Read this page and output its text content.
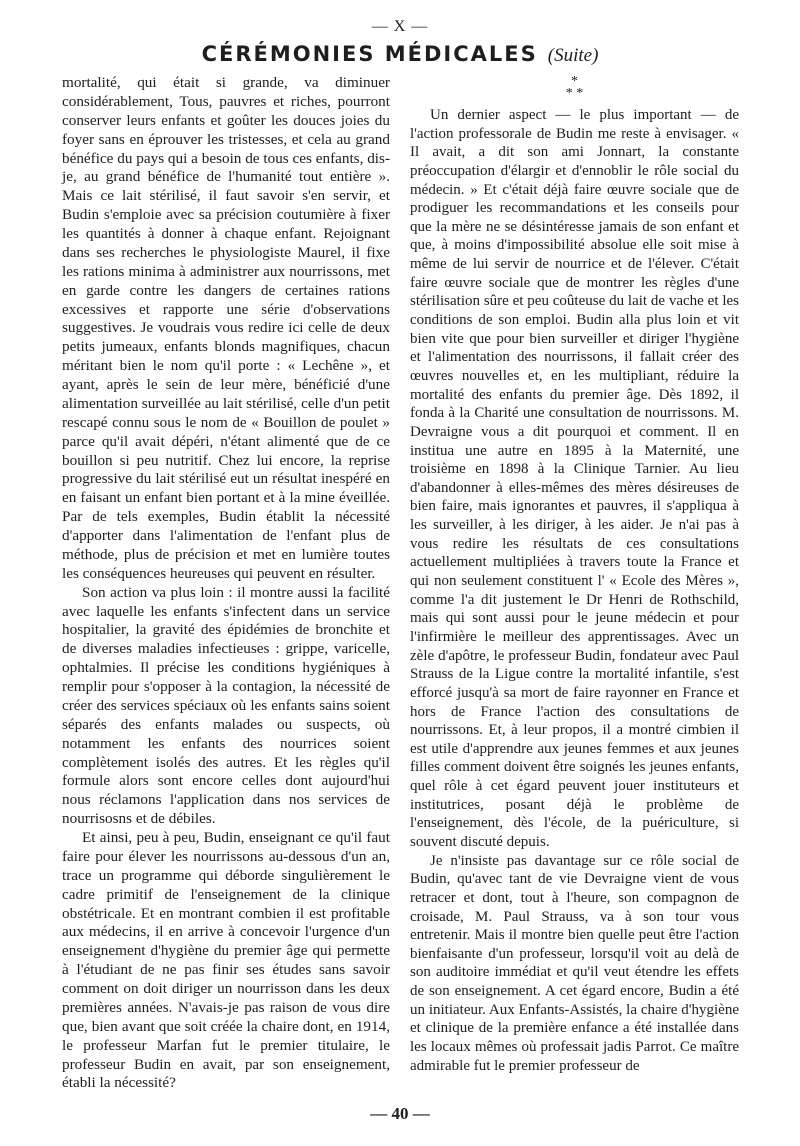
— X —
CÉRÉMONIES MÉDICALES (Suite)

mortalité, qui était si grande, va diminuer considérablement, Tous, pauvres et riches, pourront conserver leurs enfants et goûter les douces joies du foyer sans en éprouver les tristesses, et cela au grand bénéfice du pays qui a besoin de tous ces enfants, dis-je, au grand bénéfice de l'humanité tout entière ». Mais ce lait stérilisé, il faut savoir s'en servir, et Budin s'emploie avec sa précision coutumière à fixer les quantités à donner à chaque enfant. Rejoignant dans ses recherches le physiologiste Maurel, il fixe les rations minima à administrer aux nourrissons, met en garde contre les dangers de certaines rations excessives et rapporte une série d'observations suggestives. Je voudrais vous redire ici celle de deux petits jumeaux, enfants blonds magnifiques, chacun méritant bien le nom qu'il porte : « Lechêne », et ayant, après le sein de leur mère, bénéficié d'une alimentation surveillée au lait stérilisé, celle d'un petit rescapé connu sous le nom de « Bouillon de poulet » parce qu'il avait dépéri, n'étant alimenté que de ce bouillon si peu nutritif. Chez lui encore, la reprise progressive du lait stérilisé eut un résultat inespéré en en faisant un enfant bien portant et à la mine éveillée. Par de tels exemples, Budin établit la nécessité d'apporter dans l'alimentation de l'enfant plus de méthode, plus de précision et met en lumière toutes les conséquences heureuses qui peuvent en résulter.

Son action va plus loin : il montre aussi la facilité avec laquelle les enfants s'infectent dans un service hospitalier, la gravité des épidémies de bronchite et de diverses maladies infectieuses : grippe, varicelle, ophtalmies. Il précise les conditions hygiéniques à remplir pour s'opposer à la contagion, la nécessité de créer des services spéciaux où les enfants sains soient séparés des enfants malades ou suspects, où notamment les enfants des nourrices soient complètement isolés des autres. Et les règles qu'il formule alors sont encore celles dont aujourd'hui nous réclamons l'application dans nos services de nourrisosns et de débiles.

Et ainsi, peu à peu, Budin, enseignant ce qu'il faut faire pour élever les nourrissons au-dessous d'un an, trace un programme qui déborde singulièrement le cadre primitif de l'enseignement de la clinique obstétricale. Et en montrant combien il est profitable aux médecins, il en arrive à concevoir l'urgence d'un enseignement d'hygiène du premier âge qui permette à l'étudiant de ne pas finir ses études sans savoir comment on doit diriger un nourrisson dans les deux premières années. N'avais-je pas raison de vous dire que, bien avant que soit créée la chaire dont, en 1914, le professeur Marfan fut le premier titulaire, le professeur Budin en avait, par son enseignement, établi la nécessité?

*
* *

Un dernier aspect — le plus important — de l'action professorale de Budin me reste à envisager. « Il avait, a dit son ami Jonnart, la constante préoccupation d'élargir et d'ennoblir le rôle social du médecin. » Et c'était déjà faire œuvre sociale que de prodiguer les recommandations et les conseils pour que la mère ne se désintéresse jamais de son enfant et que, à moins d'impossibilité absolue elle soit mise à même de lui servir de nourrice et de l'élever. C'était faire œuvre sociale que de montrer les règles d'une stérilisation sûre et peu coûteuse du lait de vache et les conditions de son emploi. Budin alla plus loin et vit bien vite que pour bien surveiller et diriger l'hygiène et l'alimentation des nourrissons, il fallait créer des œuvres nouvelles et, en les multipliant, réduire la mortalité des enfants du premier âge. Dès 1892, il fonda à la Charité une consultation de nourrissons. M. Devraigne vous a dit pourquoi et comment. Il en institua une autre en 1895 à la Maternité, une troisième en 1898 à la Clinique Tarnier. Au lieu d'abandonner à elles-mêmes des mères désireuses de bien faire, mais ignorantes et pauvres, il s'appliqua à les surveiller, à les diriger, à les aider. Je n'ai pas à vous redire les résultats de ces consultations actuellement multipliées à travers toute la France et qui non seulement constituent l' « Ecole des Mères », comme l'a dit justement le Dr Henri de Rothschild, mais qui sont aussi pour le jeune médecin et pour l'infirmière le meilleur des apprentissages. Avec un zèle d'apôtre, le professeur Budin, fondateur avec Paul Strauss de la Ligue contre la mortalité infantile, s'est efforcé jusqu'à sa mort de faire rayonner en France et hors de France l'action des consultations de nourrissons. Et, à leur propos, il a montré cimbien il est utile d'apprendre aux jeunes femmes et aux jeunes filles comment doivent être soignés les jeunes enfants, quel rôle à cet égard peuvent jouer instituteurs et institutrices, posant déjà le problème de l'enseignement, dès l'école, de la puériculture, si souvent discuté depuis.

Je n'insiste pas davantage sur ce rôle social de Budin, qu'avec tant de vie Devraigne vient de vous retracer et dont, tout à l'heure, son compagnon de croisade, M. Paul Strauss, va à son tour vous entretenir. Mais il montre bien quelle peut être l'action bienfaisante d'un professeur, lorsqu'il voit au delà de son auditoire immédiat et qu'il veut étendre les effets de son enseignement. A cet égard encore, Budin a été un initiateur. Aux Enfants-Assistés, la chaire d'hygiène et clinique de la première enfance a été installée dans les locaux mêmes où professait jadis Parrot. Ce maître admirable fut le premier professeur de

— 40 —
